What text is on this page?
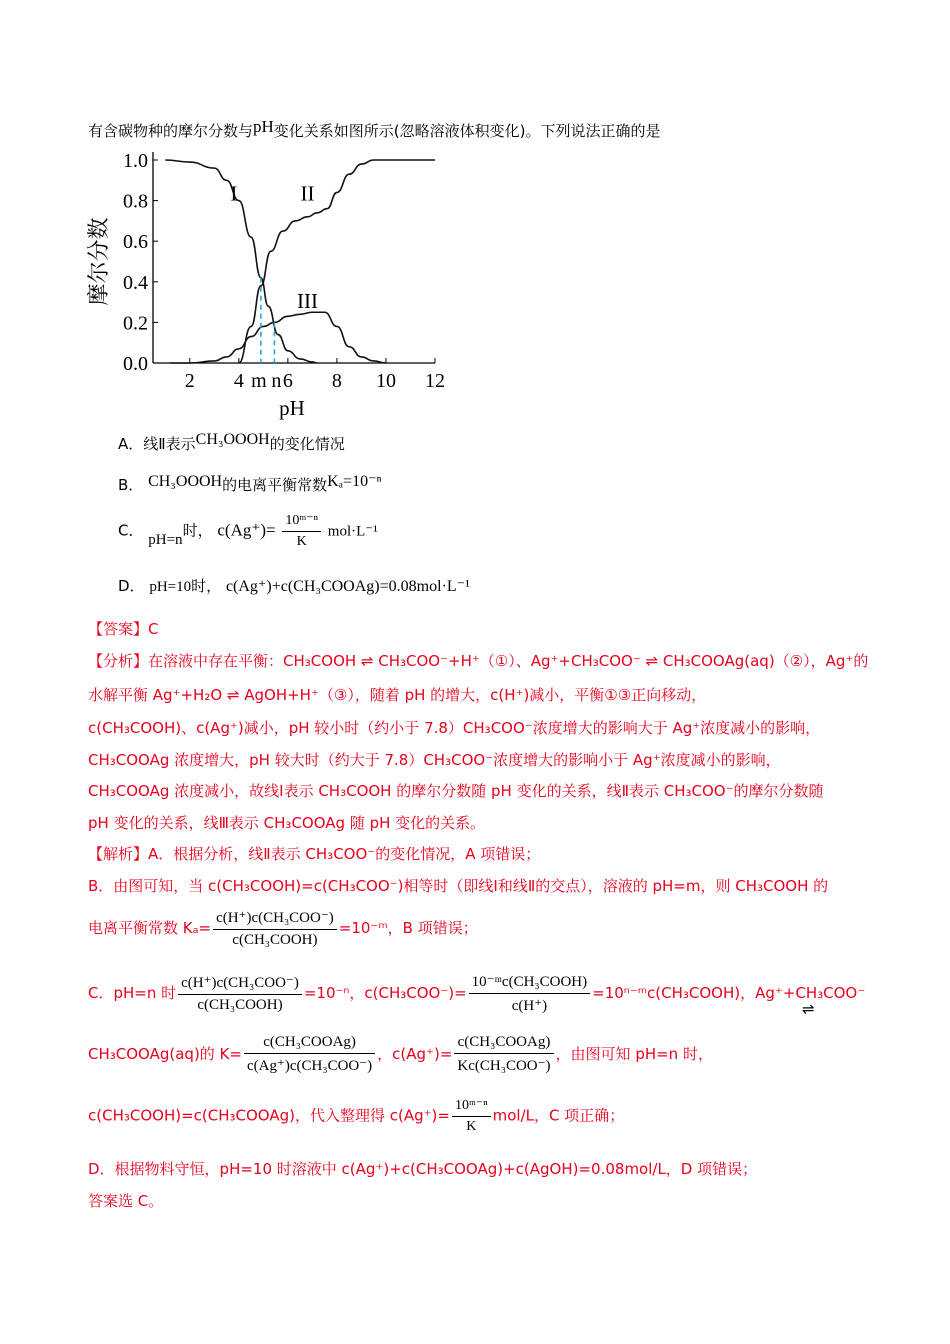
有含碳物种的摩尔分数与pH变化关系如图所示(忽略溶液体积变化)。下列说法正确的是
2 4 6 8 10 12
0.0
0.2
0.4
0.6
0.8
1.0
m n
pH
摩尔分数
I	II
III
A．线Ⅱ表示CH₃OOOH的变化情况
B． CH₃OOOH的电离平衡常数Kₐ=10⁻ⁿ
C． pH=n时， $c(Ag^+)= \frac{\text{10ᵐ⁻ⁿ}}{K} mol\cdot L^{-1}$
D． pH=10时， c(Ag⁺)+c(CH₃COOAg)=0.08mol·L⁻¹
【答案】C
【分析】在溶液中存在平衡：CH₃COOH ⇌ CH₃COO⁻+H⁺（①）、Ag⁺+CH₃COO⁻ ⇌ CH₃COOAg(aq)（②），Ag⁺的
水解平衡 Ag⁺+H₂O ⇌ AgOH+H⁺（③），随着 pH 的增大，c(H⁺)减小，平衡①③正向移动，
c(CH₃COOH)、c(Ag⁺)减小，pH 较小时（约小于 7.8）CH₃COO⁻浓度增大的影响大于 Ag⁺浓度减小的影响，
CH₃COOAg 浓度增大，pH 较大时（约大于 7.8）CH₃COO⁻浓度增大的影响小于 Ag⁺浓度减小的影响，
CH₃COOAg 浓度减小，故线Ⅰ表示 CH₃COOH 的摩尔分数随 pH 变化的关系，线Ⅱ表示 CH₃COO⁻的摩尔分数随
pH 变化的关系，线Ⅲ表示 CH₃COOAg 随 pH 变化的关系。
【解析】A．根据分析，线Ⅱ表示 CH₃COO⁻的变化情况，A 项错误；
B．由图可知，当 c(CH₃COOH)=c(CH₃COO⁻)相等时（即线Ⅰ和线Ⅱ的交点），溶液的 pH=m，则 CH₃COOH 的
电离平衡常数 $K_a= \frac{\text{c(H⁺)c(CH₃COO⁻)}}{\text{c(CH₃COOH)}}$ =10⁻ᵐ，B 项错误；
C．pH=n 时 $\frac{\text{c(H⁺)c(CH₃COO⁻)}}{\text{c(CH₃COOH)}} =10^{-n}$，$c(CH_3COO^-)= \frac{\text{10⁻ᵐc(CH₃COOH)}}{c(H^+)}$ =10ⁿ⁻ᵐc(CH₃COOH)，Ag⁺+CH₃COO⁻
⇌
CH₃COOAg(aq)的 $K= \frac{\text{c(CH₃COOAg)}}{\text{c(Ag⁺)c(CH₃COO⁻)}}$ ，$c(Ag^+)= \frac{\text{c(CH₃COOAg)}}{\text{Kc(CH₃COO⁻)}}$ ，由图可知 pH=n 时，
c(CH₃COOH)=c(CH₃COOAg)，代入整理得 $c(Ag^+)= \frac{\text{10ᵐ⁻ⁿ}}{K} mol/L$，C 项正确；
D．根据物料守恒，pH=10 时溶液中 c(Ag⁺)+c(CH₃COOAg)+c(AgOH)=0.08mol/L，D 项错误；
答案选 C。
